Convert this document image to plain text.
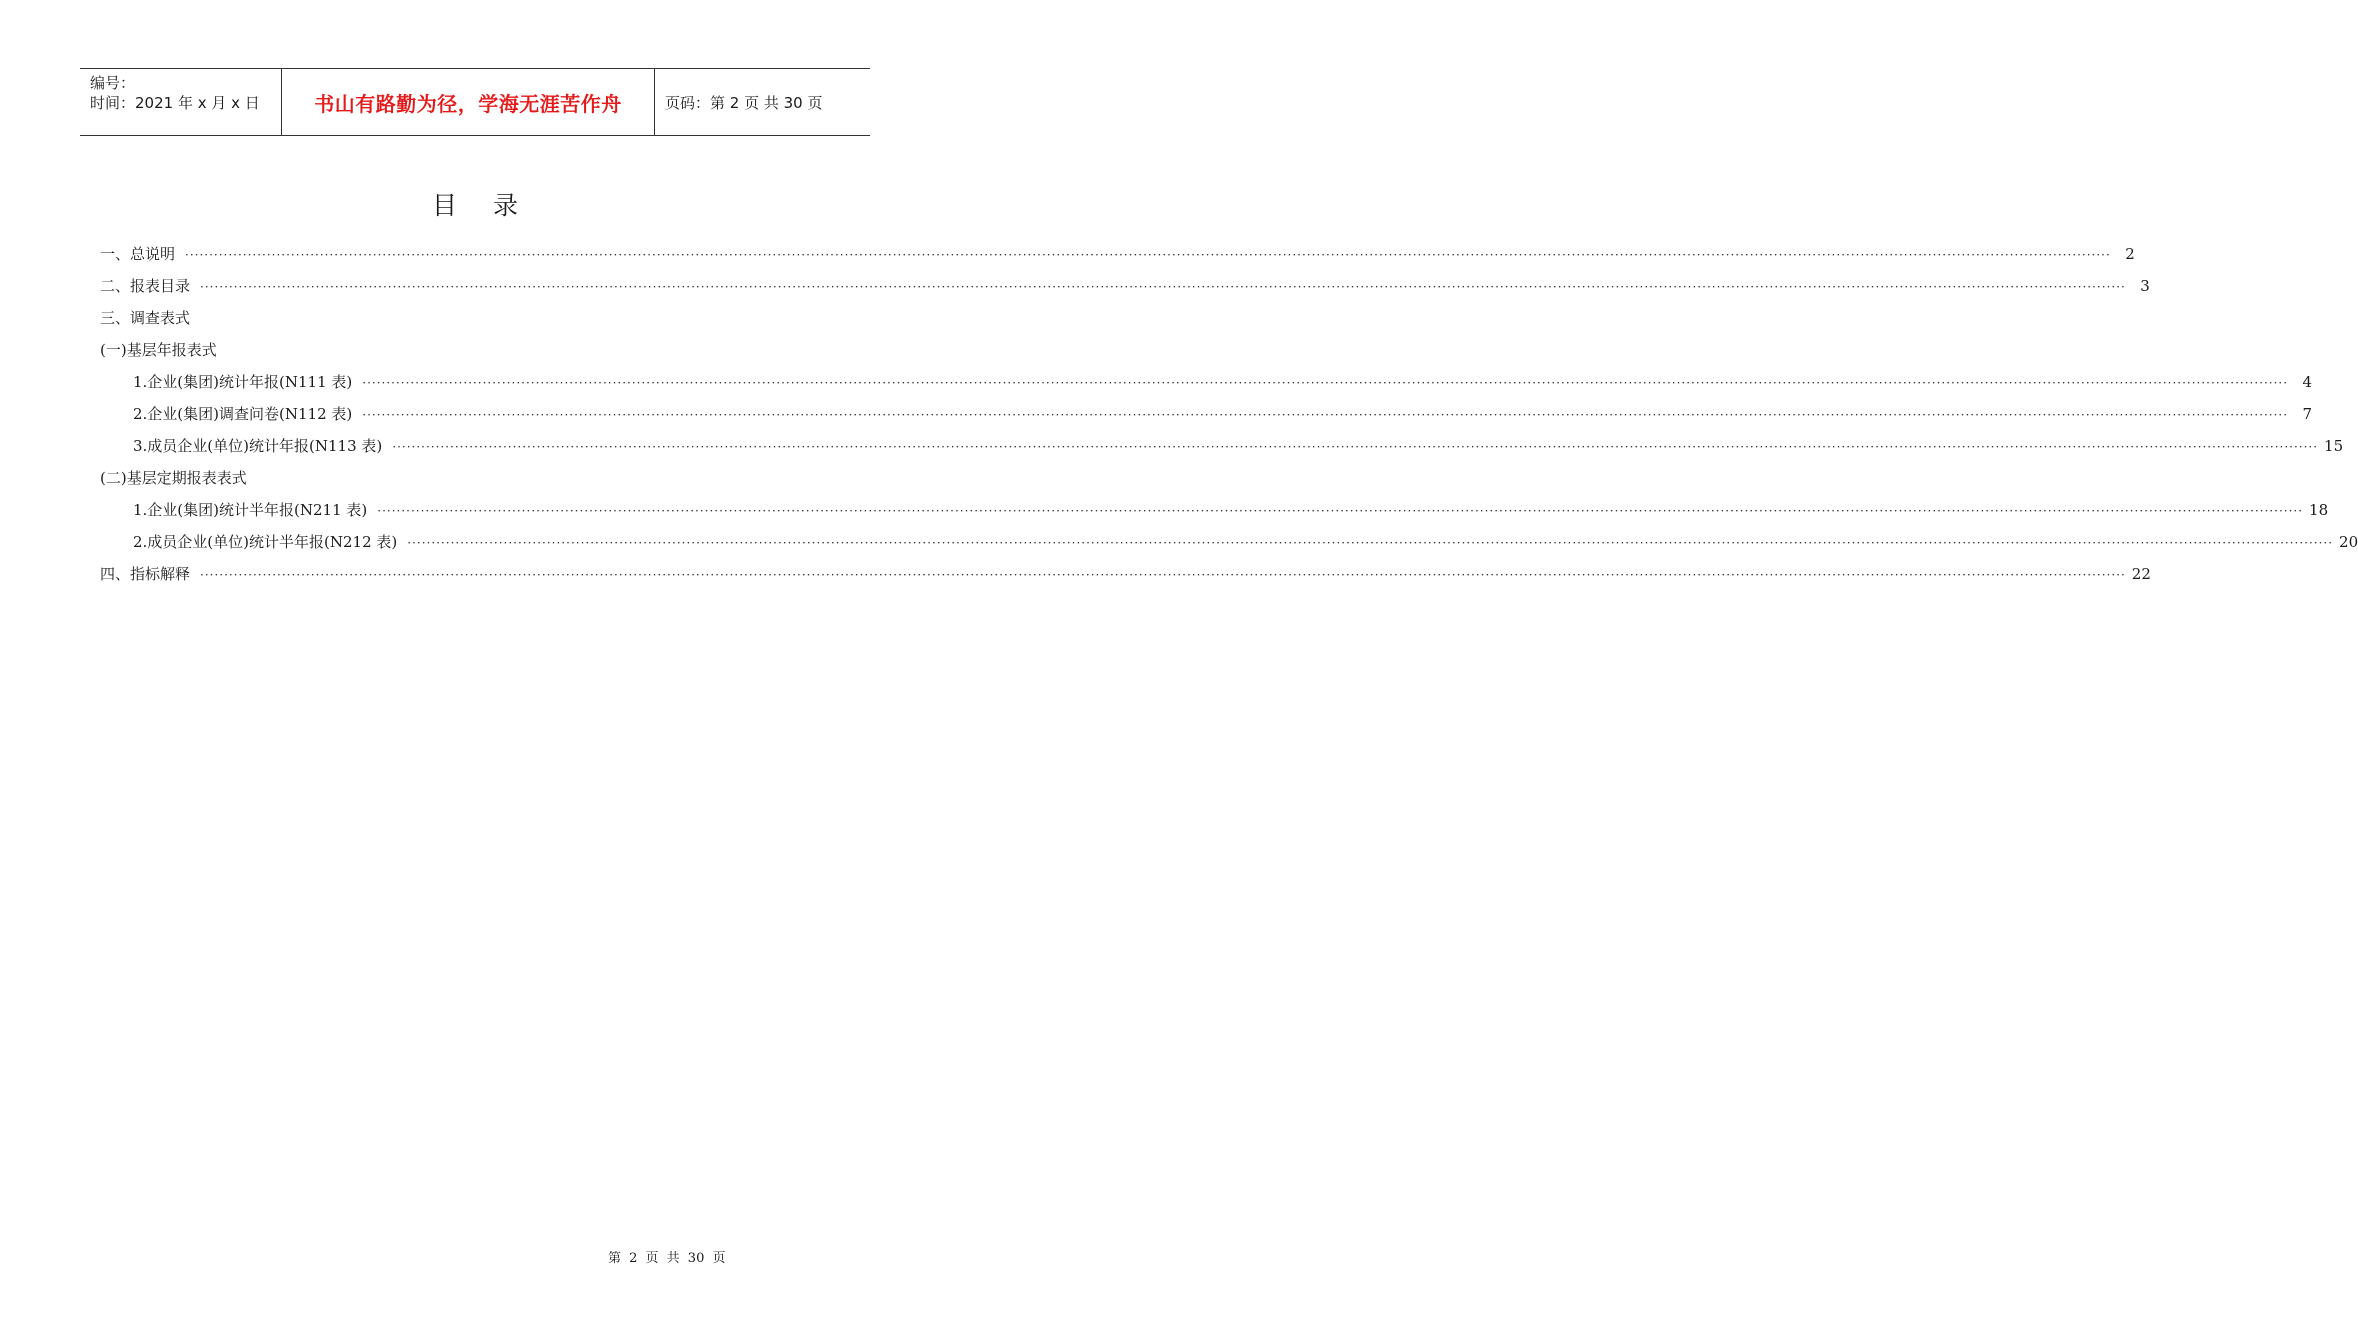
编号：
时间：2021 年 x 月 x 日	书山有路勤为径，学海无涯苦作舟	页码：第 2 页 共 30 页
目 录
一、总说明 ················································································································································································································································································································································································································ 2
二、报表目录 ················································································································································································································································································································································································································ 3
三、调查表式
(一)基层年报表式
1.企业(集团)统计年报(N111 表) ················································································································································································································································································································································································································ 4
2.企业(集团)调查问卷(N112 表) ················································································································································································································································································································································································································ 7
3.成员企业(单位)统计年报(N113 表) ················································································································································································································································································································································································································ 15
(二)基层定期报表表式
1.企业(集团)统计半年报(N211 表) ················································································································································································································································································································································································································ 18
2.成员企业(单位)统计半年报(N212 表) ················································································································································································································································································································································································································ 20
四、指标解释 ················································································································································································································································································································································································································ 22
第 2 页 共 30 页
